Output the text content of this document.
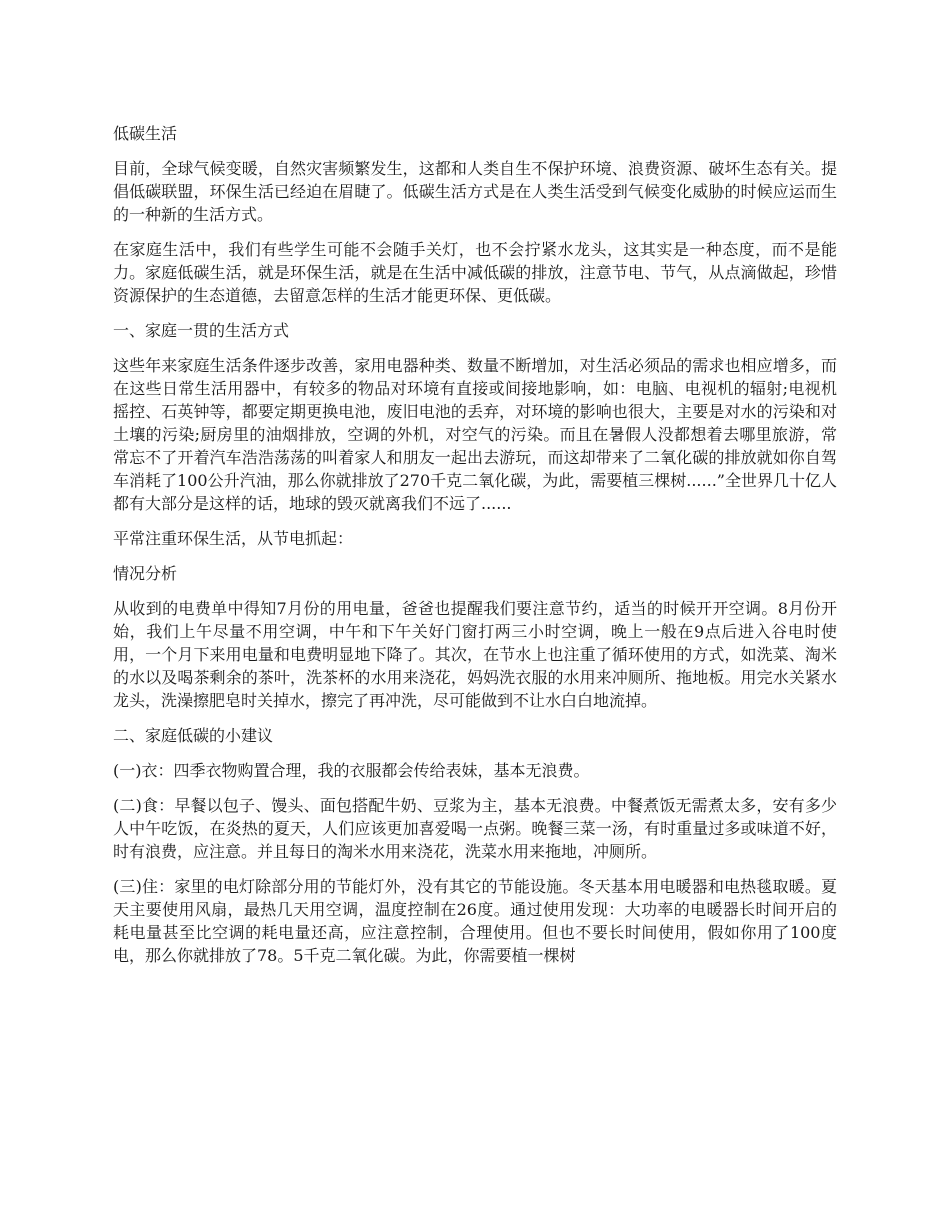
低碳生活

目前，全球气候变暖，自然灾害频繁发生，这都和人类自生不保护环境、浪费资源、破坏生态有关。提倡低碳联盟，环保生活已经迫在眉睫了。低碳生活方式是在人类生活受到气候变化威胁的时候应运而生的一种新的生活方式。

在家庭生活中，我们有些学生可能不会随手关灯，也不会拧紧水龙头，这其实是一种态度，而不是能力。家庭低碳生活，就是环保生活，就是在生活中减低碳的排放，注意节电、节气，从点滴做起，珍惜资源保护的生态道德，去留意怎样的生活才能更环保、更低碳。

一、家庭一贯的生活方式

这些年来家庭生活条件逐步改善，家用电器种类、数量不断增加，对生活必须品的需求也相应增多，而在这些日常生活用器中，有较多的物品对环境有直接或间接地影响，如：电脑、电视机的辐射;电视机摇控、石英钟等，都要定期更换电池，废旧电池的丢弃，对环境的影响也很大，主要是对水的污染和对土壤的污染;厨房里的油烟排放，空调的外机，对空气的污染。而且在暑假人没都想着去哪里旅游，常常忘不了开着汽车浩浩荡荡的叫着家人和朋友一起出去游玩，而这却带来了二氧化碳的排放就如你自驾车消耗了100公升汽油，那么你就排放了270千克二氧化碳，为此，需要植三棵树......”全世界几十亿人都有大部分是这样的话，地球的毁灭就离我们不远了......

平常注重环保生活，从节电抓起：

情况分析

从收到的电费单中得知7月份的用电量，爸爸也提醒我们要注意节约，适当的时候开开空调。8月份开始，我们上午尽量不用空调，中午和下午关好门窗打两三小时空调，晚上一般在9点后进入谷电时使用，一个月下来用电量和电费明显地下降了。其次，在节水上也注重了循环使用的方式，如洗菜、淘米的水以及喝茶剩余的茶叶，洗茶杯的水用来浇花，妈妈洗衣服的水用来冲厕所、拖地板。用完水关紧水龙头，洗澡擦肥皂时关掉水，擦完了再冲洗，尽可能做到不让水白白地流掉。

二、家庭低碳的小建议

(一)衣：四季衣物购置合理，我的衣服都会传给表妹，基本无浪费。

(二)食：早餐以包子、馒头、面包搭配牛奶、豆浆为主，基本无浪费。中餐煮饭无需煮太多，安有多少人中午吃饭，在炎热的夏天，人们应该更加喜爱喝一点粥。晚餐三菜一汤，有时重量过多或味道不好，时有浪费，应注意。并且每日的淘米水用来浇花，洗菜水用来拖地，冲厕所。

(三)住：家里的电灯除部分用的节能灯外，没有其它的节能设施。冬天基本用电暖器和电热毯取暖。夏天主要使用风扇，最热几天用空调，温度控制在26度。通过使用发现：大功率的电暖器长时间开启的耗电量甚至比空调的耗电量还高，应注意控制，合理使用。但也不要长时间使用，假如你用了100度电，那么你就排放了78。5千克二氧化碳。为此，你需要植一棵树
